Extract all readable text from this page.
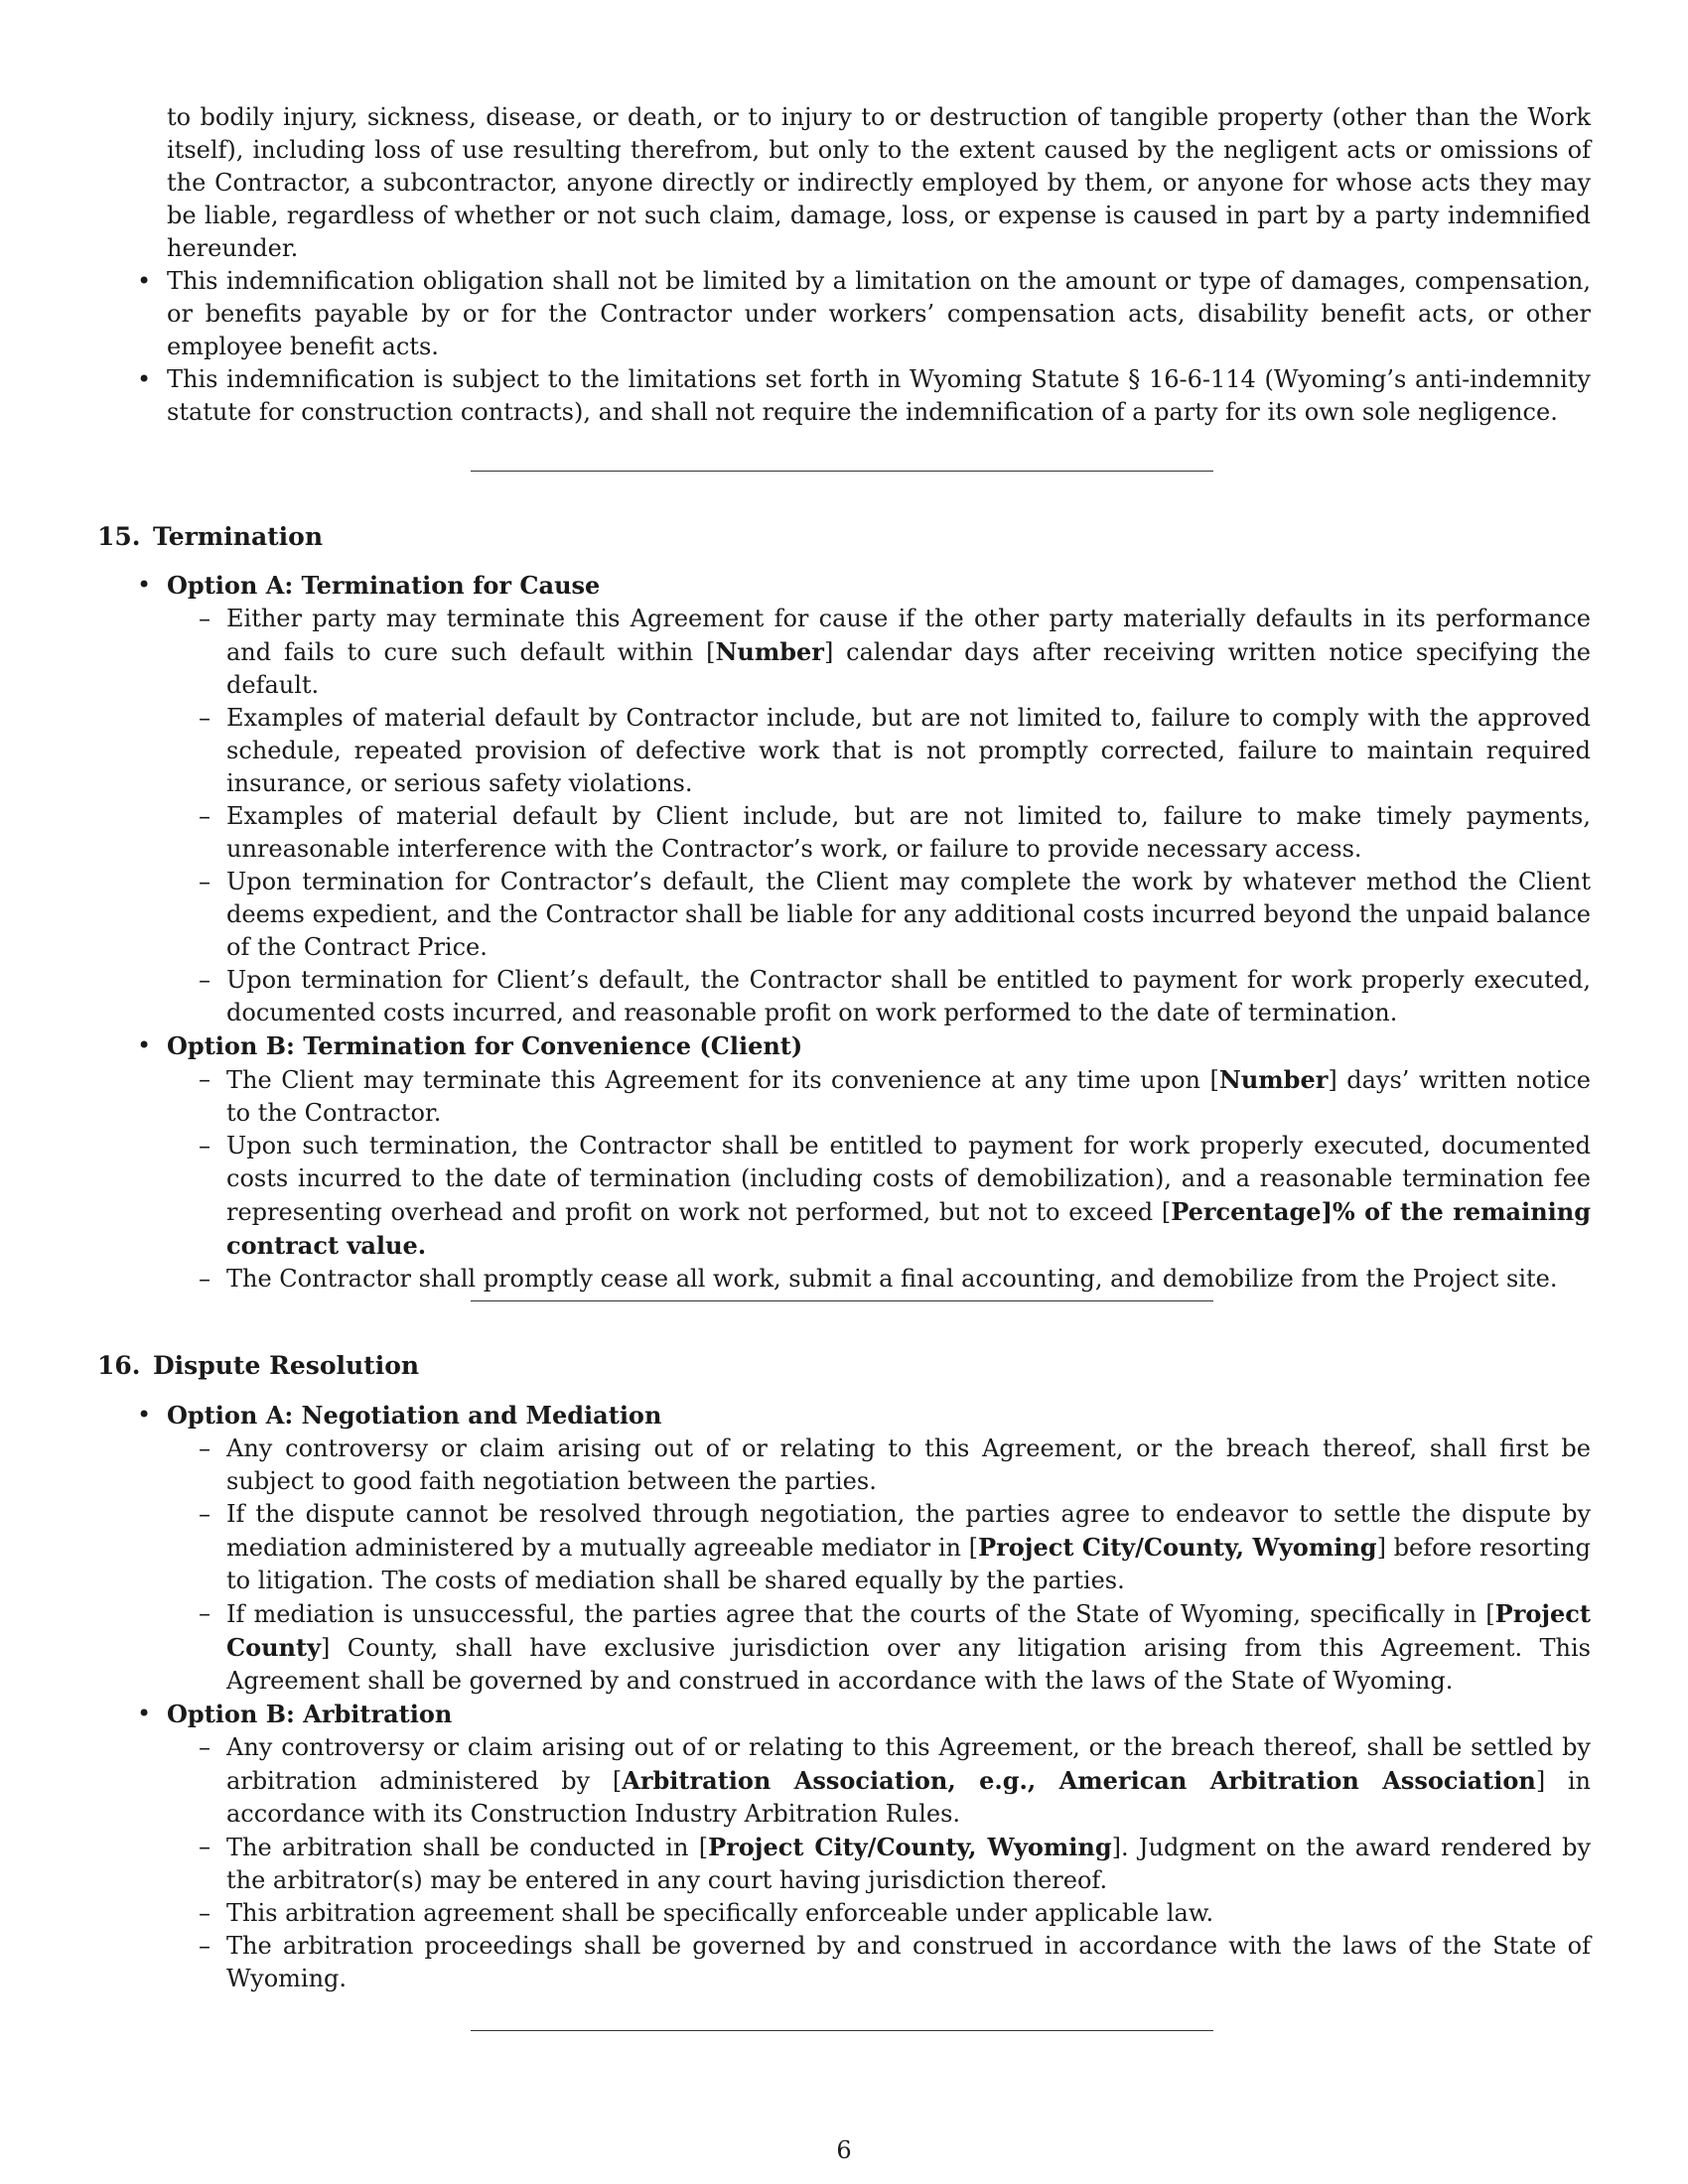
to bodily injury, sickness, disease, or death, or to injury to or destruction of tangible property (other than the Work itself), including loss of use resulting therefrom, but only to the extent caused by the negligent acts or omissions of the Contractor, a subcontractor, anyone directly or indirectly employed by them, or anyone for whose acts they may be liable, regardless of whether or not such claim, damage, loss, or expense is caused in part by a party indemnified hereunder.
• This indemnification obligation shall not be limited by a limitation on the amount or type of damages, compensation, or benefits payable by or for the Contractor under workers’ compensation acts, disability benefit acts, or other employee benefit acts.
• This indemnification is subject to the limitations set forth in Wyoming Statute § 16-6-114 (Wyoming’s anti-indemnity statute for construction contracts), and shall not require the indemnification of a party for its own sole negligence.
15. Termination
• Option A: Termination for Cause
– Either party may terminate this Agreement for cause if the other party materially defaults in its performance and fails to cure such default within [Number] calendar days after receiving written notice specifying the default.
– Examples of material default by Contractor include, but are not limited to, failure to comply with the approved schedule, repeated provision of defective work that is not promptly corrected, failure to maintain required insurance, or serious safety violations.
– Examples of material default by Client include, but are not limited to, failure to make timely payments, unreasonable interference with the Contractor’s work, or failure to provide necessary access.
– Upon termination for Contractor’s default, the Client may complete the work by whatever method the Client deems expedient, and the Contractor shall be liable for any additional costs incurred beyond the unpaid balance of the Contract Price.
– Upon termination for Client’s default, the Contractor shall be entitled to payment for work properly executed, documented costs incurred, and reasonable profit on work performed to the date of termination.
• Option B: Termination for Convenience (Client)
– The Client may terminate this Agreement for its convenience at any time upon [Number] days’ written notice to the Contractor.
– Upon such termination, the Contractor shall be entitled to payment for work properly executed, documented costs incurred to the date of termination (including costs of demobilization), and a reasonable termination fee representing overhead and profit on work not performed, but not to exceed [Percentage]% of the remaining contract value.
– The Contractor shall promptly cease all work, submit a final accounting, and demobilize from the Project site.
16. Dispute Resolution
• Option A: Negotiation and Mediation
– Any controversy or claim arising out of or relating to this Agreement, or the breach thereof, shall first be subject to good faith negotiation between the parties.
– If the dispute cannot be resolved through negotiation, the parties agree to endeavor to settle the dispute by mediation administered by a mutually agreeable mediator in [Project City/County, Wyoming] before resorting to litigation. The costs of mediation shall be shared equally by the parties.
– If mediation is unsuccessful, the parties agree that the courts of the State of Wyoming, specifically in [Project County] County, shall have exclusive jurisdiction over any litigation arising from this Agreement. This Agreement shall be governed by and construed in accordance with the laws of the State of Wyoming.
• Option B: Arbitration
– Any controversy or claim arising out of or relating to this Agreement, or the breach thereof, shall be settled by arbitration administered by [Arbitration Association, e.g., American Arbitration Association] in accordance with its Construction Industry Arbitration Rules.
– The arbitration shall be conducted in [Project City/County, Wyoming]. Judgment on the award rendered by the arbitrator(s) may be entered in any court having jurisdiction thereof.
– This arbitration agreement shall be specifically enforceable under applicable law.
– The arbitration proceedings shall be governed by and construed in accordance with the laws of the State of Wyoming.
6
